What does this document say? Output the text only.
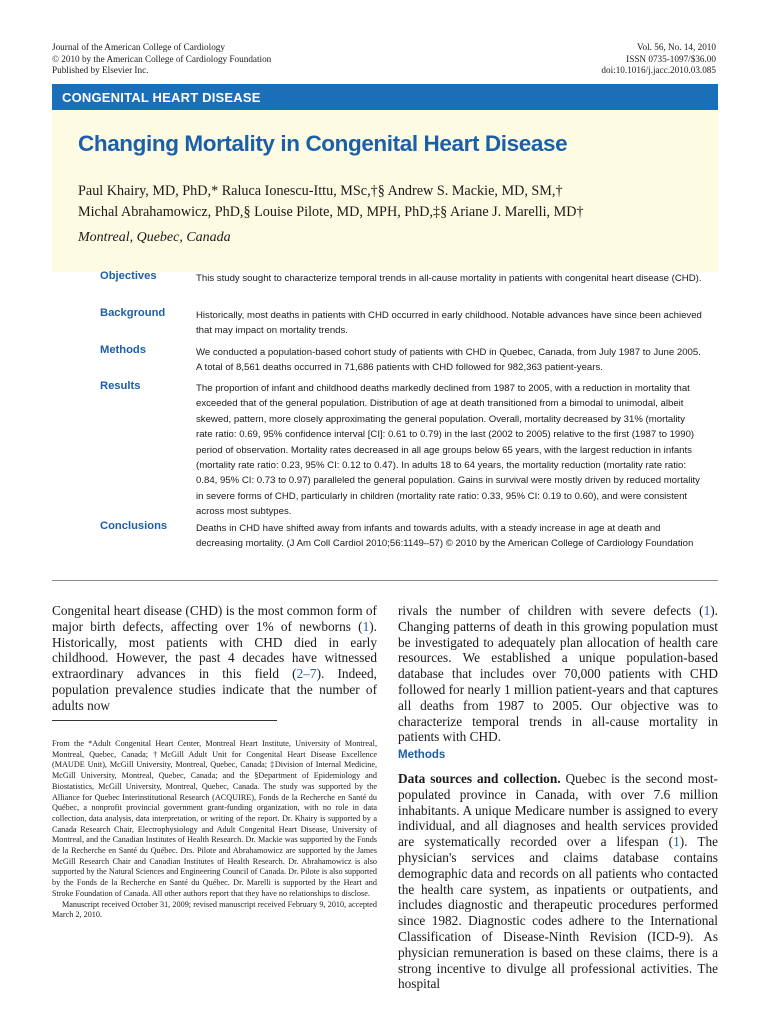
Journal of the American College of Cardiology
© 2010 by the American College of Cardiology Foundation
Published by Elsevier Inc.
Vol. 56, No. 14, 2010
ISSN 0735-1097/$36.00
doi:10.1016/j.jacc.2010.03.085
CONGENITAL HEART DISEASE
Changing Mortality in Congenital Heart Disease
Paul Khairy, MD, PhD,* Raluca Ionescu-Ittu, MSc,†§ Andrew S. Mackie, MD, SM,†
Michal Abrahamowicz, PhD,§ Louise Pilote, MD, MPH, PhD,‡§ Ariane J. Marelli, MD†
Montreal, Quebec, Canada
Objectives	This study sought to characterize temporal trends in all-cause mortality in patients with congenital heart disease (CHD).
Background	Historically, most deaths in patients with CHD occurred in early childhood. Notable advances have since been achieved that may impact on mortality trends.
Methods	We conducted a population-based cohort study of patients with CHD in Quebec, Canada, from July 1987 to June 2005. A total of 8,561 deaths occurred in 71,686 patients with CHD followed for 982,363 patient-years.
Results	The proportion of infant and childhood deaths markedly declined from 1987 to 2005, with a reduction in mortality that exceeded that of the general population. Distribution of age at death transitioned from a bimodal to unimodal, albeit skewed, pattern, more closely approximating the general population. Overall, mortality decreased by 31% (mortality rate ratio: 0.69, 95% confidence interval [CI]: 0.61 to 0.79) in the last (2002 to 2005) relative to the first (1987 to 1990) period of observation. Mortality rates decreased in all age groups below 65 years, with the largest reduction in infants (mortality rate ratio: 0.23, 95% CI: 0.12 to 0.47). In adults 18 to 64 years, the mortality reduction (mortality rate ratio: 0.84, 95% CI: 0.73 to 0.97) paralleled the general population. Gains in survival were mostly driven by reduced mortality in severe forms of CHD, particularly in children (mortality rate ratio: 0.33, 95% CI: 0.19 to 0.60), and were consistent across most subtypes.
Conclusions	Deaths in CHD have shifted away from infants and towards adults, with a steady increase in age at death and decreasing mortality. (J Am Coll Cardiol 2010;56:1149–57) © 2010 by the American College of Cardiology Foundation
Congenital heart disease (CHD) is the most common form of major birth defects, affecting over 1% of newborns (1). Historically, most patients with CHD died in early childhood. However, the past 4 decades have witnessed extraordinary advances in this field (2–7). Indeed, population prevalence studies indicate that the number of adults now

From the *Adult Congenital Heart Center, Montreal Heart Institute, University of Montreal, Montreal, Quebec, Canada; †McGill Adult Unit for Congenital Heart Disease Excellence (MAUDE Unit), McGill University, Montreal, Quebec, Canada; ‡Division of Internal Medicine, McGill University, Montreal, Quebec, Canada; and the §Department of Epidemiology and Biostatistics, McGill University, Montreal, Quebec, Canada. The study was supported by the Alliance for Quebec Interinstitutional Research (ACQUIRE), Fonds de la Recherche en Santé du Québec, a nonprofit provincial government grant-funding organization, with no role in data collection, data analysis, data interpretation, or writing of the report. Dr. Khairy is supported by a Canada Research Chair, Electrophysiology and Adult Congenital Heart Disease, University of Montreal, and the Canadian Institutes of Health Research. Dr. Mackie was supported by the Fonds de la Recherche en Santé du Québec. Drs. Pilote and Abrahamowicz are supported by the James McGill Research Chair and Canadian Institutes of Health Research. Dr. Abrahamowicz is also supported by the Natural Sciences and Engineering Council of Canada. Dr. Pilote is also supported by the Fonds de la Recherche en Santé du Québec. Dr. Marelli is supported by the Heart and Stroke Foundation of Canada. All other authors report that they have no relationships to disclose.

Manuscript received October 31, 2009; revised manuscript received February 9, 2010, accepted March 2, 2010.

rivals the number of children with severe defects (1). Changing patterns of death in this growing population must be investigated to adequately plan allocation of health care resources. We established a unique population-based database that includes over 70,000 patients with CHD followed for nearly 1 million patient-years and that captures all deaths from 1987 to 2005. Our objective was to characterize temporal trends in all-cause mortality in patients with CHD.
Methods
Data sources and collection. Quebec is the second most-populated province in Canada, with over 7.6 million inhabitants. A unique Medicare number is assigned to every individual, and all diagnoses and health services provided are systematically recorded over a lifespan (1). The physician's services and claims database contains demographic data and records on all patients who contacted the health care system, as inpatients or outpatients, and includes diagnostic and therapeutic procedures performed since 1982. Diagnostic codes adhere to the International Classification of Disease-Ninth Revision (ICD-9). As physician remuneration is based on these claims, there is a strong incentive to divulge all professional activities. The hospital
